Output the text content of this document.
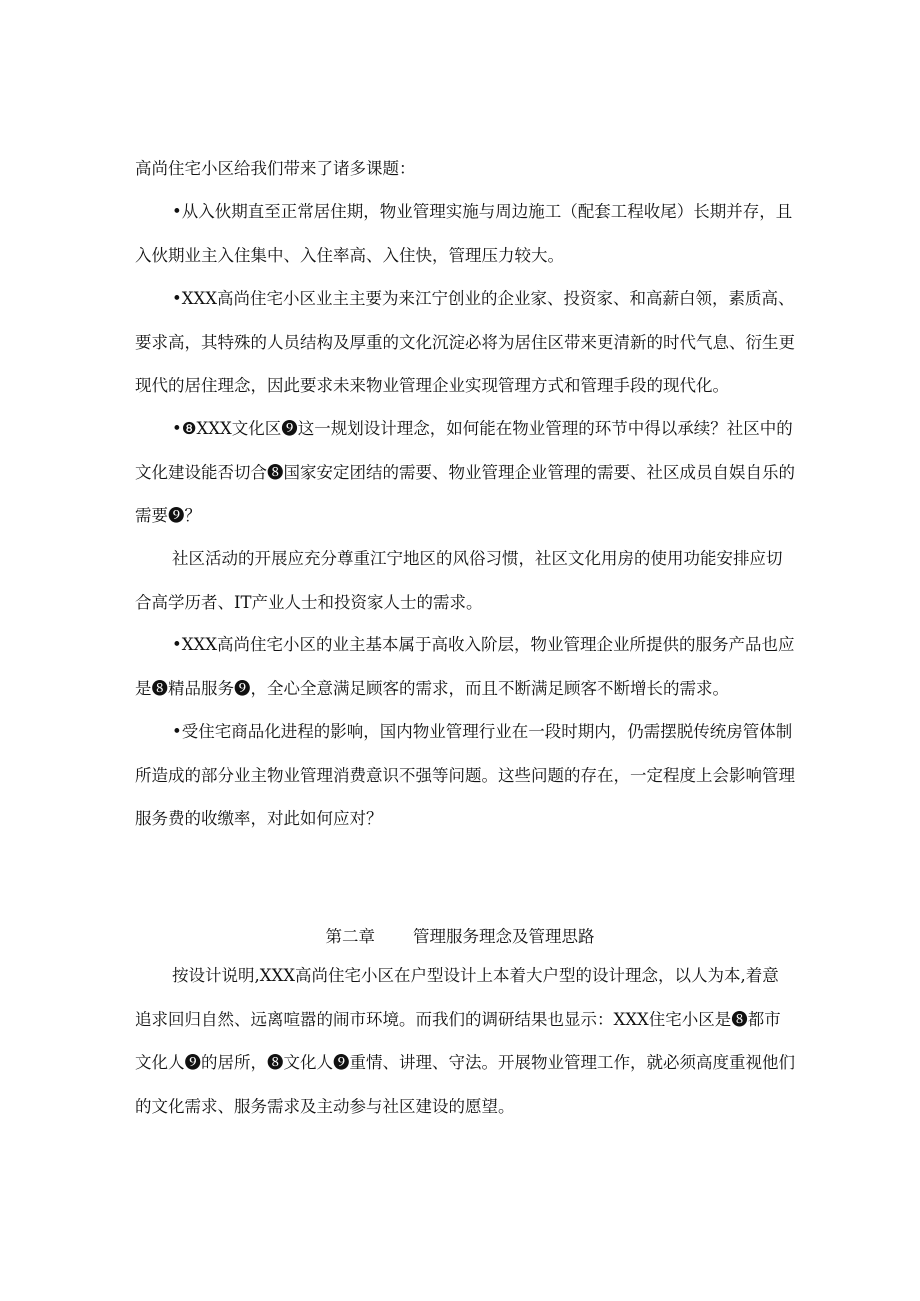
高尚住宅小区给我们带来了诸多课题：

•从入伙期直至正常居住期，物业管理实施与周边施工（配套工程收尾）长期并存，且入伙期业主入住集中、入住率高、入住快，管理压力较大。

•XXX高尚住宅小区业主主要为来江宁创业的企业家、投资家、和高薪白领，素质高、要求高，其特殊的人员结构及厚重的文化沉淀必将为居住区带来更清新的时代气息、衍生更现代的居住理念，因此要求未来物业管理企业实现管理方式和管理手段的现代化。

•❽XXX文化区❾这一规划设计理念，如何能在物业管理的环节中得以承续？社区中的文化建设能否切合❽国家安定团结的需要、物业管理企业管理的需要、社区成员自娱自乐的需要❾？

社区活动的开展应充分尊重江宁地区的风俗习惯，社区文化用房的使用功能安排应切合高学历者、IT产业人士和投资家人士的需求。

•XXX高尚住宅小区的业主基本属于高收入阶层，物业管理企业所提供的服务产品也应是❽精品服务❾，全心全意满足顾客的需求，而且不断满足顾客不断增长的需求。

•受住宅商品化进程的影响，国内物业管理行业在一段时期内，仍需摆脱传统房管体制所造成的部分业主物业管理消费意识不强等问题。这些问题的存在，一定程度上会影响管理服务费的收缴率，对此如何应对？

第二章 管理服务理念及管理思路

按设计说明,XXX高尚住宅小区在户型设计上本着大户型的设计理念，以人为本,着意追求回归自然、远离喧嚣的闹市环境。而我们的调研结果也显示：XXX住宅小区是❽都市文化人❾的居所，❽文化人❾重情、讲理、守法。开展物业管理工作，就必须高度重视他们的文化需求、服务需求及主动参与社区建设的愿望。
